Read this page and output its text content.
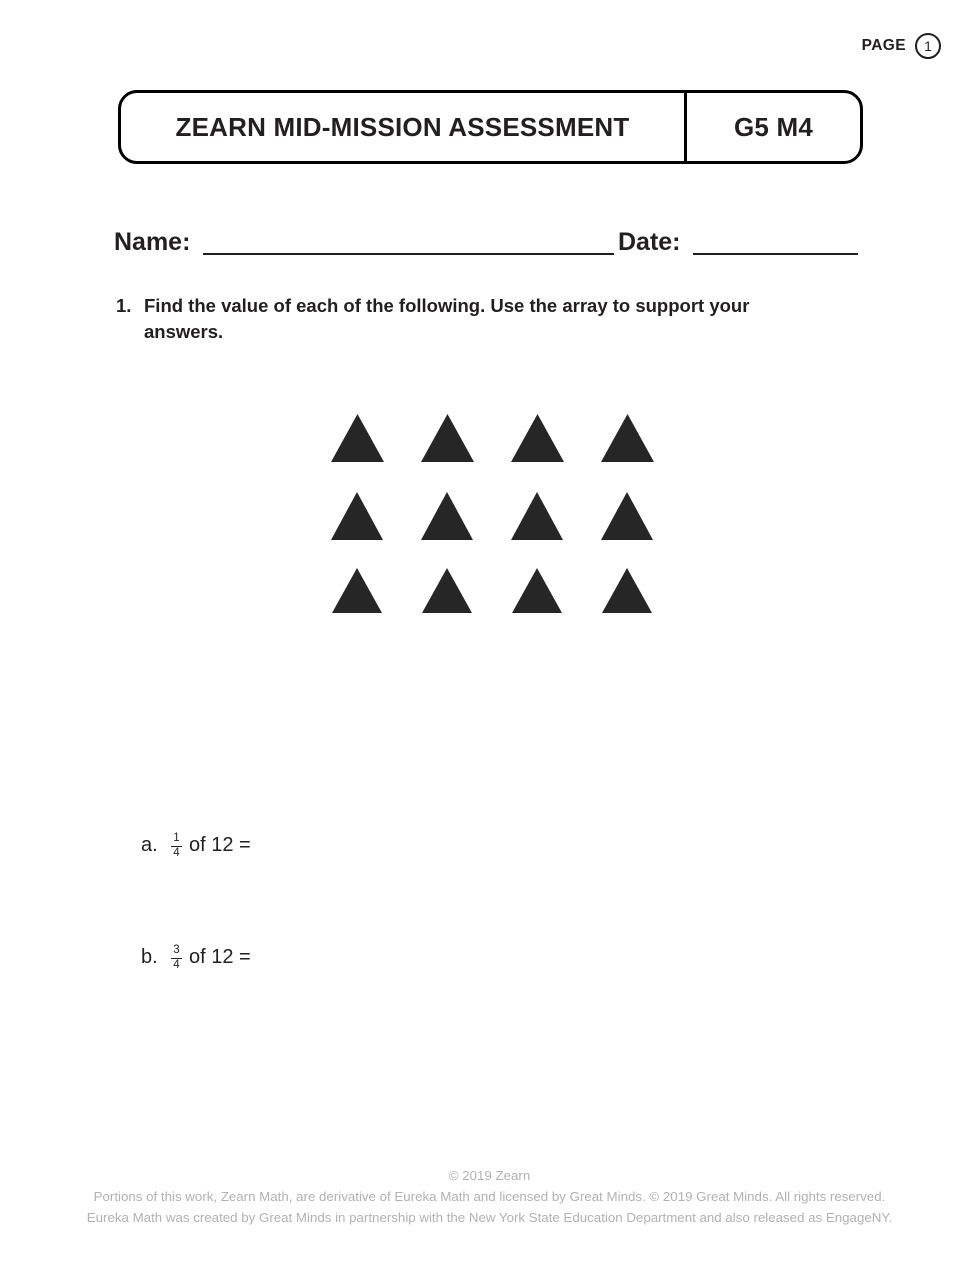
PAGE	1
ZEARN MID-MISSION ASSESSMENT	G5 M4
Name:	Date:
1. Find the value of each of the following. Use the array to support your answers.
a.	$\frac{1}{4}$ of 12 =
b.	$\frac{3}{4}$ of 12 =
© 2019 Zearn
Portions of this work, Zearn Math, are derivative of Eureka Math and licensed by Great Minds. © 2019 Great Minds. All rights reserved.
Eureka Math was created by Great Minds in partnership with the New York State Education Department and also released as EngageNY.
